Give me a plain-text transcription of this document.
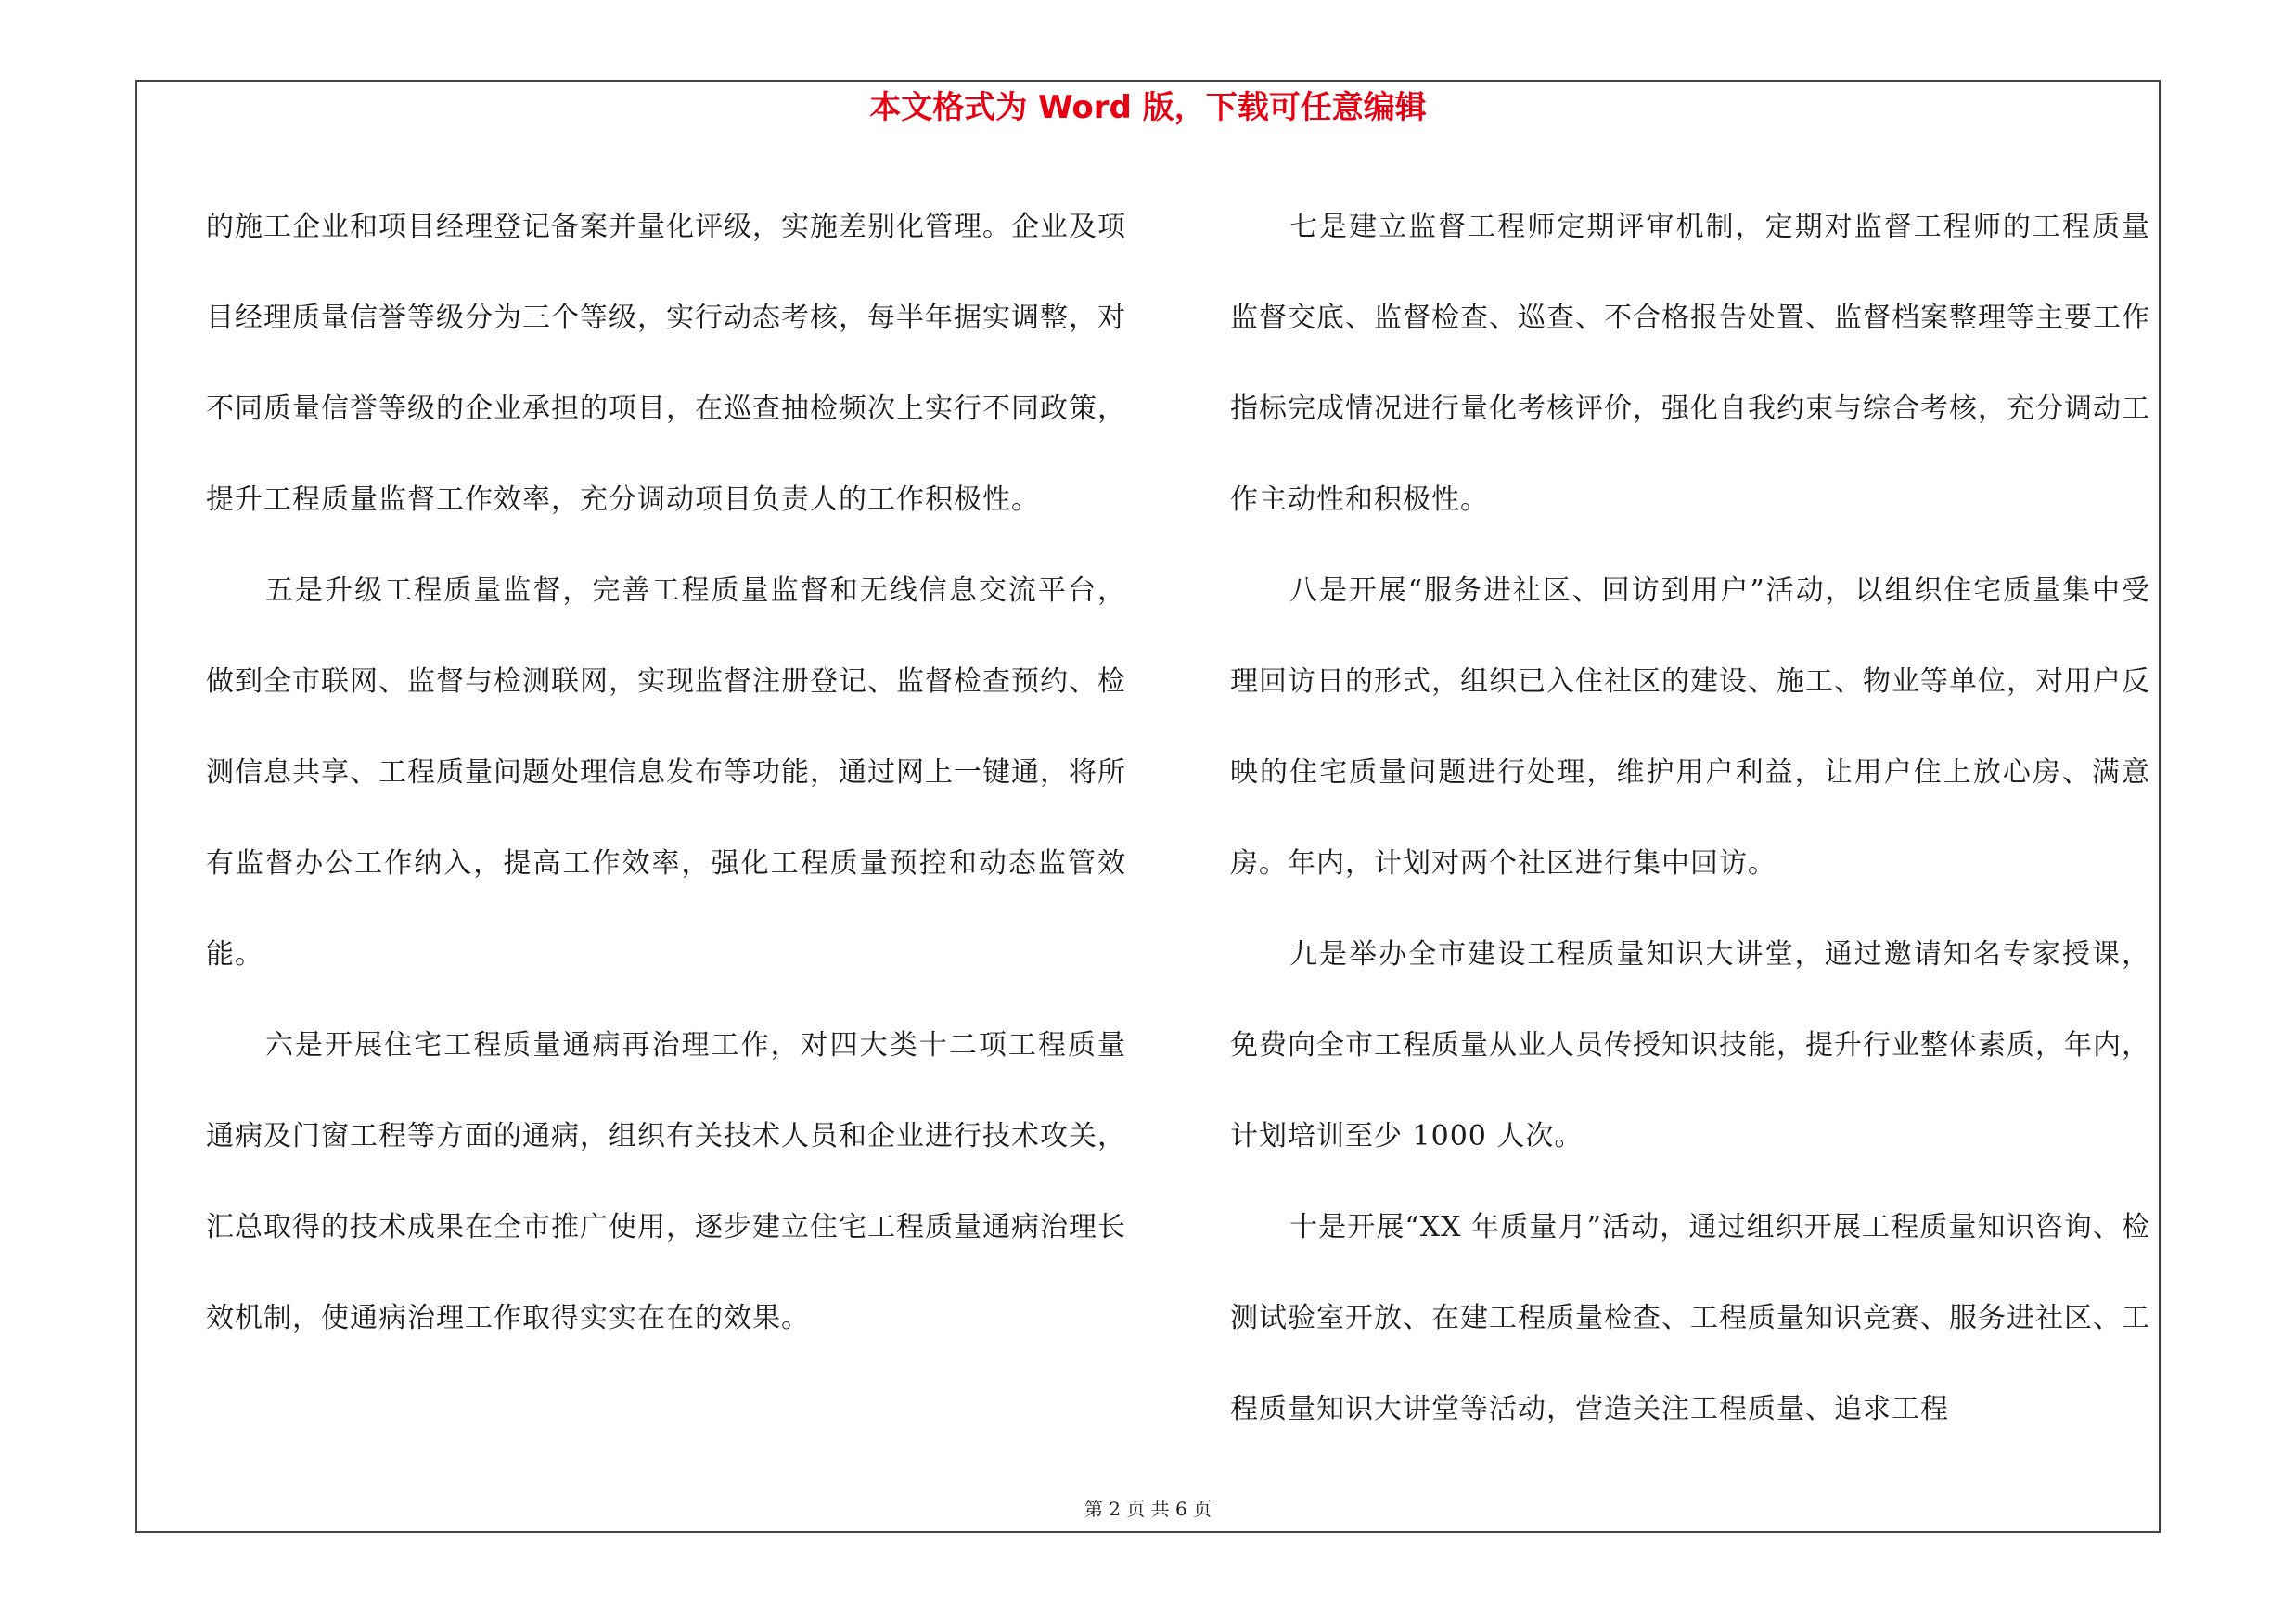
本文格式为 Word 版，下载可任意编辑

的施工企业和项目经理登记备案并量化评级，实施差别化管理。企业及项目经理质量信誉等级分为三个等级，实行动态考核，每半年据实调整，对不同质量信誉等级的企业承担的项目，在巡查抽检频次上实行不同政策，提升工程质量监督工作效率，充分调动项目负责人的工作积极性。

五是升级工程质量监督，完善工程质量监督和无线信息交流平台，做到全市联网、监督与检测联网，实现监督注册登记、监督检查预约、检测信息共享、工程质量问题处理信息发布等功能，通过网上一键通，将所有监督办公工作纳入，提高工作效率，强化工程质量预控和动态监管效能。

六是开展住宅工程质量通病再治理工作，对四大类十二项工程质量通病及门窗工程等方面的通病，组织有关技术人员和企业进行技术攻关，汇总取得的技术成果在全市推广使用，逐步建立住宅工程质量通病治理长效机制，使通病治理工作取得实实在在的效果。

七是建立监督工程师定期评审机制，定期对监督工程师的工程质量监督交底、监督检查、巡查、不合格报告处置、监督档案整理等主要工作指标完成情况进行量化考核评价，强化自我约束与综合考核，充分调动工作主动性和积极性。

八是开展“服务进社区、回访到用户”活动，以组织住宅质量集中受理回访日的形式，组织已入住社区的建设、施工、物业等单位，对用户反映的住宅质量问题进行处理，维护用户利益，让用户住上放心房、满意房。年内，计划对两个社区进行集中回访。

九是举办全市建设工程质量知识大讲堂，通过邀请知名专家授课，免费向全市工程质量从业人员传授知识技能，提升行业整体素质，年内，计划培训至少 1000 人次。

十是开展“XX 年质量月”活动，通过组织开展工程质量知识咨询、检测试验室开放、在建工程质量检查、工程质量知识竞赛、服务进社区、工程质量知识大讲堂等活动，营造关注工程质量、追求工程

第 2 页 共 6 页
